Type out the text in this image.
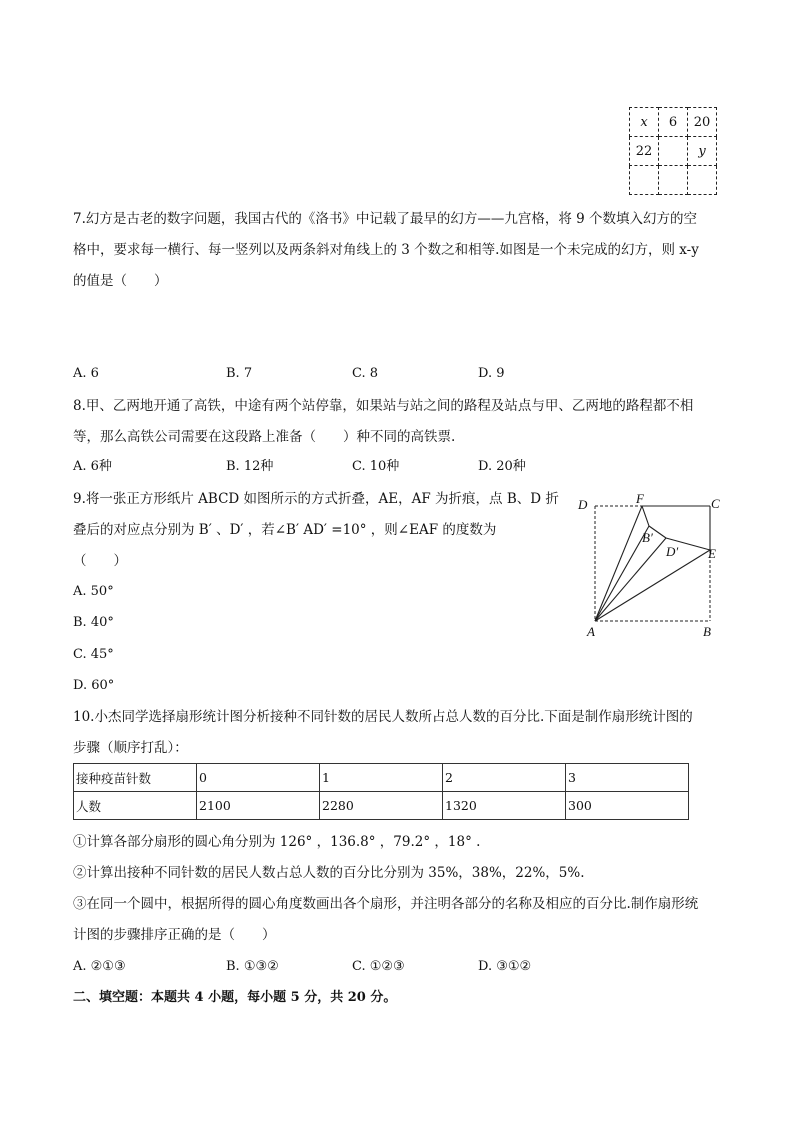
x	6	20
22		y

7.幻方是古老的数字问题，我国古代的《洛书》中记载了最早的幻方——九宫格，将 9 个数填入幻方的空
格中，要求每一横行、每一竖列以及两条斜对角线上的 3 个数之和相等.如图是一个未完成的幻方，则 x-y
的值是（　　）
A. 6	B. 7	C. 8	D. 9
8.甲、乙两地开通了高铁，中途有两个站停靠，如果站与站之间的路程及站点与甲、乙两地的路程都不相
等，那么高铁公司需要在这段路上准备（　　）种不同的高铁票.
A. 6种	B. 12种	C. 10种	D. 20种
9.将一张正方形纸片 ABCD 如图所示的方式折叠，AE，AF 为折痕，点 B、D 折
叠后的对应点分别为 B′ 、D′ ，若∠B′ AD′ =10° ，则∠EAF 的度数为
（　　）
A. 50°
B. 40°
C. 45°
D. 60°
D	F	C
B′
D′ E
A	B
10.小杰同学选择扇形统计图分析接种不同针数的居民人数所占总人数的百分比.下面是制作扇形统计图的
步骤（顺序打乱）：
接种疫苗针数	0	1	2	3
人数	2100	2280	1320	300
①计算各部分扇形的圆心角分别为 126° ，136.8° ，79.2° ，18° .
②计算出接种不同针数的居民人数占总人数的百分比分别为 35%，38%，22%，5%.
③在同一个圆中，根据所得的圆心角度数画出各个扇形，并注明各部分的名称及相应的百分比.制作扇形统
计图的步骤排序正确的是（　　）
A. ②①③	B. ①③②	C. ①②③	D. ③①②
二、填空题：本题共 4 小题，每小题 5 分，共 20 分。
